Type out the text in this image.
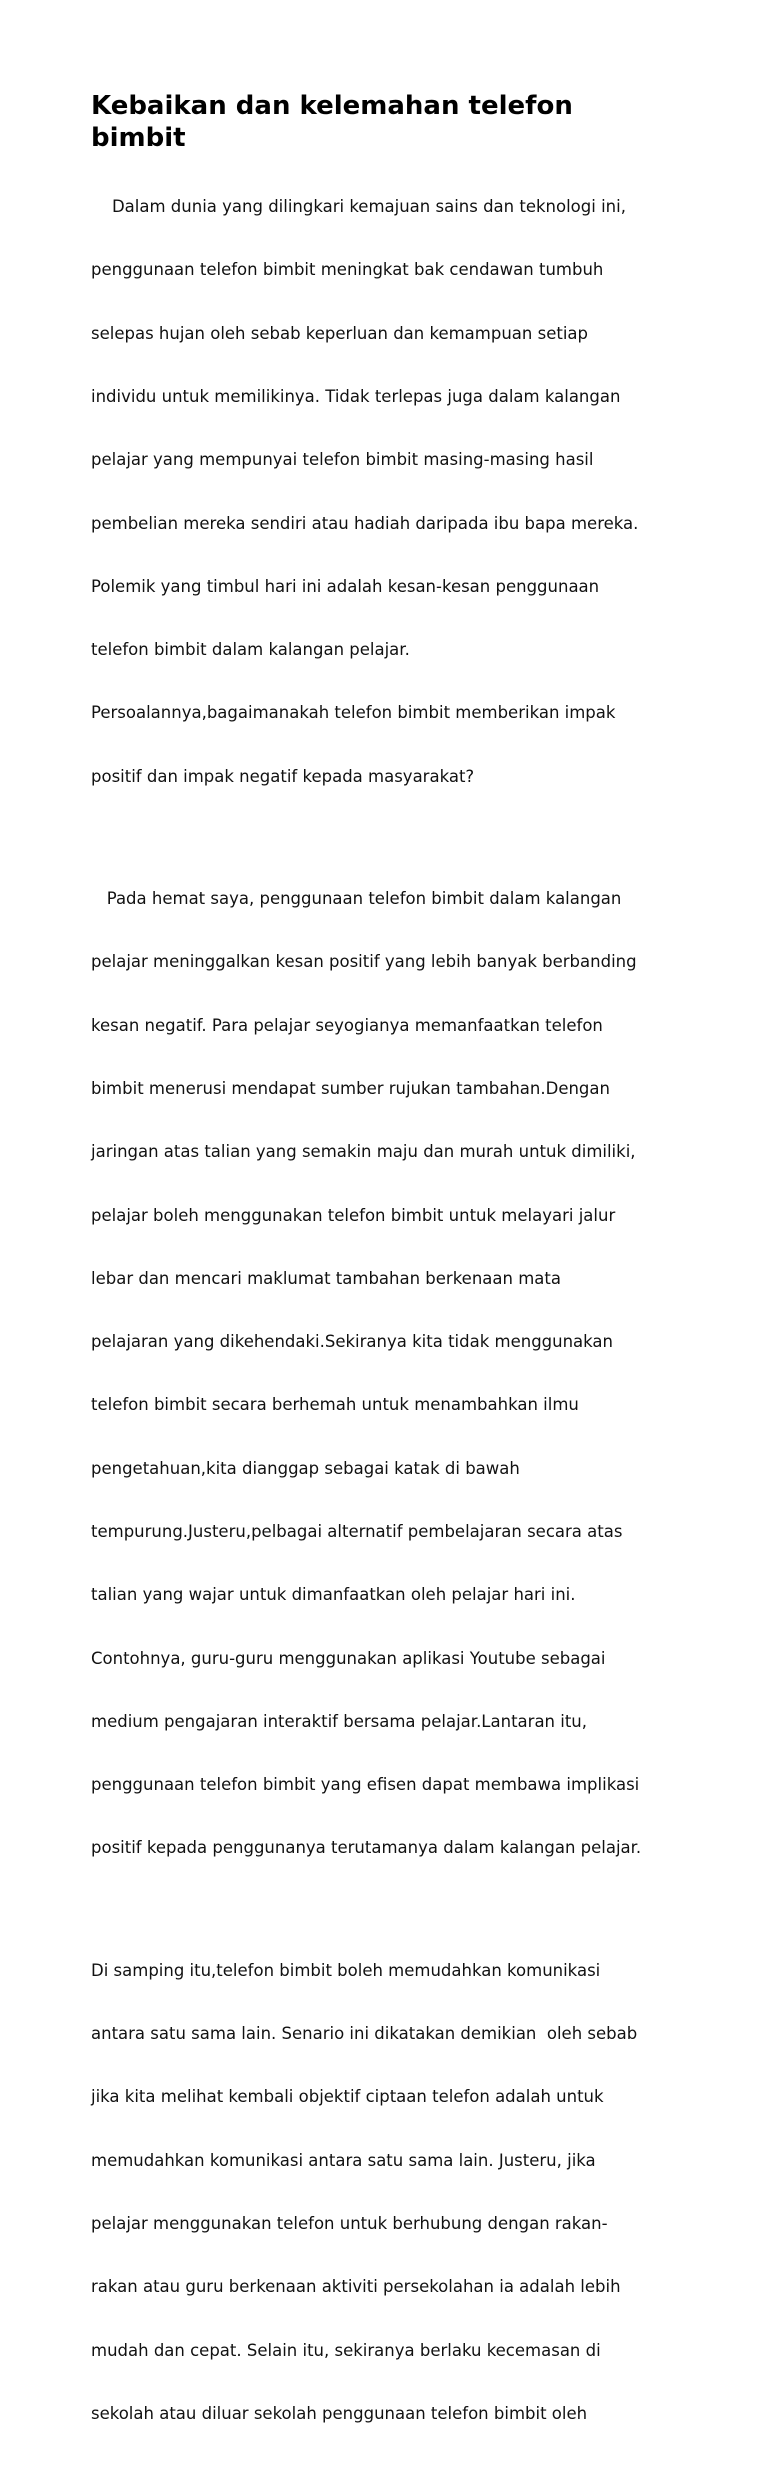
Kebaikan dan kelemahan telefon
bimbit

Dalam dunia yang dilingkari kemajuan sains dan teknologi ini,

penggunaan telefon bimbit meningkat bak cendawan tumbuh

selepas hujan oleh sebab keperluan dan kemampuan setiap

individu untuk memilikinya. Tidak terlepas juga dalam kalangan

pelajar yang mempunyai telefon bimbit masing-masing hasil

pembelian mereka sendiri atau hadiah daripada ibu bapa mereka.

Polemik yang timbul hari ini adalah kesan-kesan penggunaan

telefon bimbit dalam kalangan pelajar.

Persoalannya,bagaimanakah telefon bimbit memberikan impak

positif dan impak negatif kepada masyarakat?

Pada hemat saya, penggunaan telefon bimbit dalam kalangan

pelajar meninggalkan kesan positif yang lebih banyak berbanding

kesan negatif. Para pelajar seyogianya memanfaatkan telefon

bimbit menerusi mendapat sumber rujukan tambahan.Dengan

jaringan atas talian yang semakin maju dan murah untuk dimiliki,

pelajar boleh menggunakan telefon bimbit untuk melayari jalur

lebar dan mencari maklumat tambahan berkenaan mata

pelajaran yang dikehendaki.Sekiranya kita tidak menggunakan

telefon bimbit secara berhemah untuk menambahkan ilmu

pengetahuan,kita dianggap sebagai katak di bawah

tempurung.Justeru,pelbagai alternatif pembelajaran secara atas

talian yang wajar untuk dimanfaatkan oleh pelajar hari ini.

Contohnya, guru-guru menggunakan aplikasi Youtube sebagai

medium pengajaran interaktif bersama pelajar.Lantaran itu,

penggunaan telefon bimbit yang efisen dapat membawa implikasi

positif kepada penggunanya terutamanya dalam kalangan pelajar.

Di samping itu,telefon bimbit boleh memudahkan komunikasi

antara satu sama lain. Senario ini dikatakan demikian  oleh sebab

jika kita melihat kembali objektif ciptaan telefon adalah untuk

memudahkan komunikasi antara satu sama lain. Justeru, jika

pelajar menggunakan telefon untuk berhubung dengan rakan-

rakan atau guru berkenaan aktiviti persekolahan ia adalah lebih

mudah dan cepat. Selain itu, sekiranya berlaku kecemasan di

sekolah atau diluar sekolah penggunaan telefon bimbit oleh
